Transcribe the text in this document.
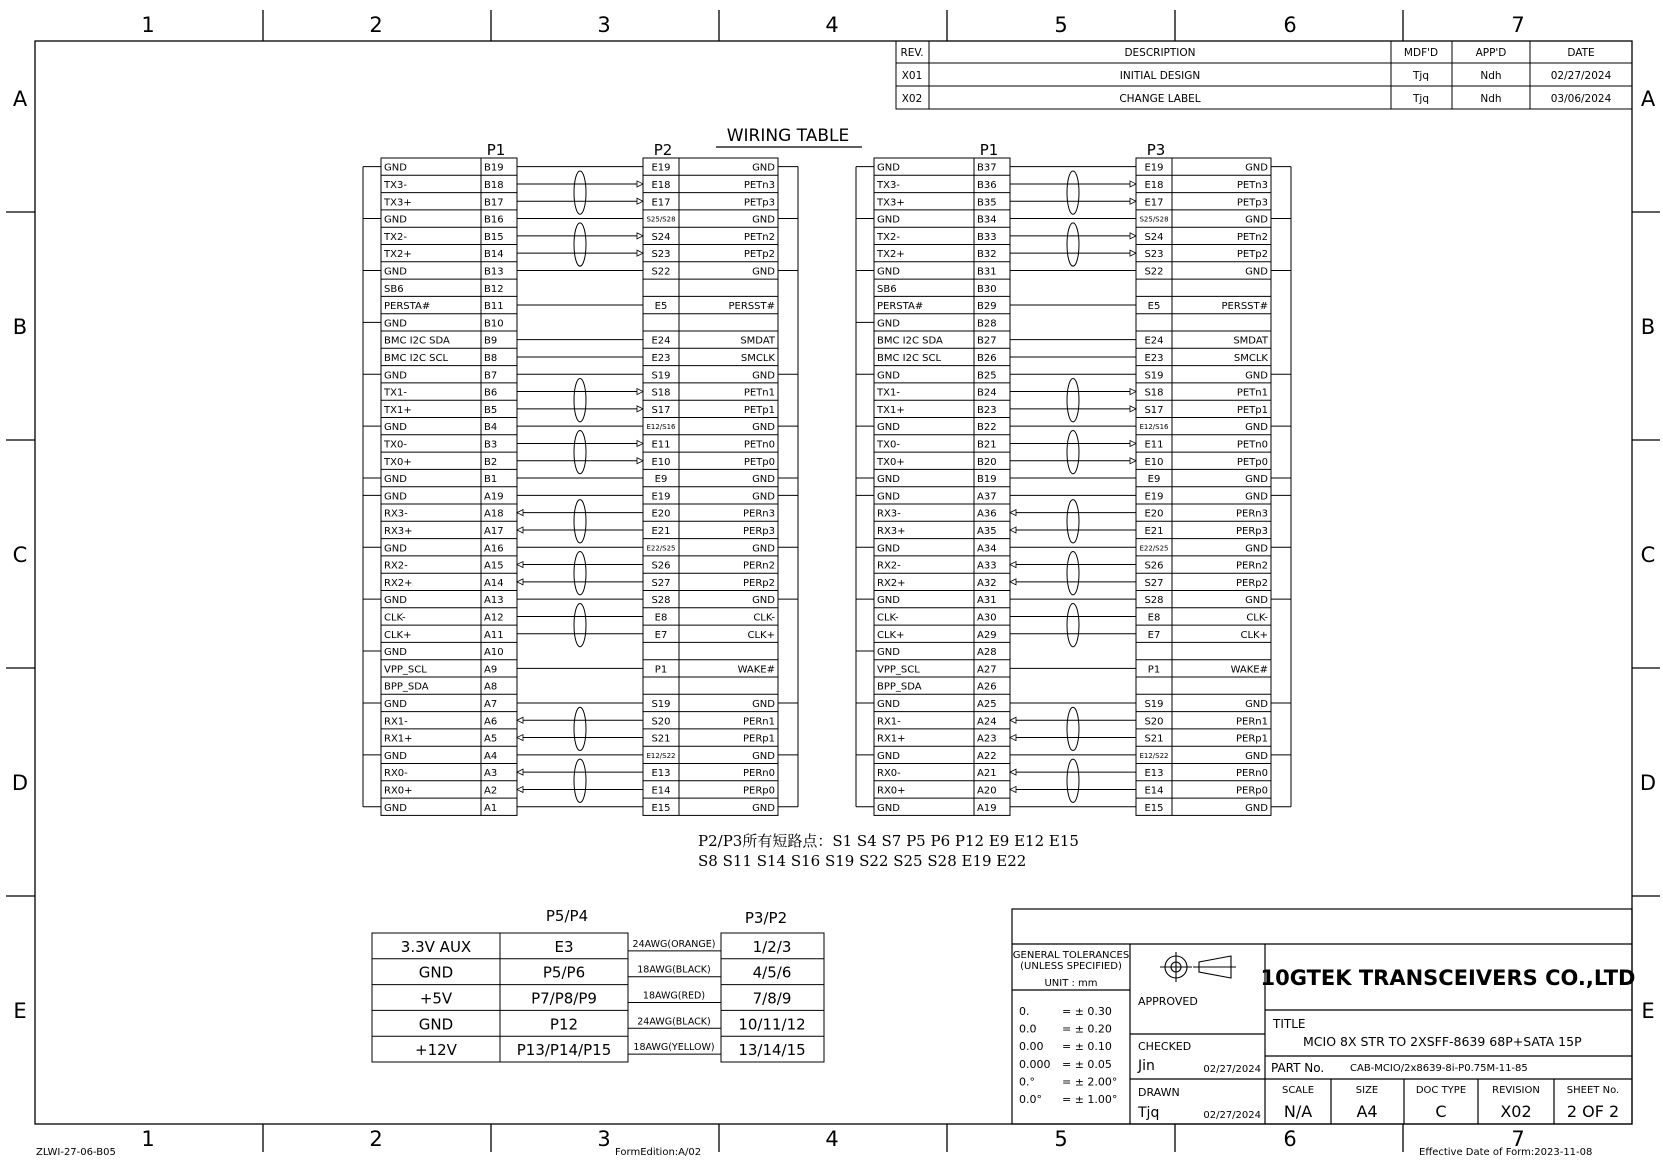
1	2	3	4	5	6	7
1	2	3	4	5	6	7
A	A
B	B
C	C
D	D
E	E
ZLWI-27-06-B05	FormEdition:A/02	Effective Date of Form:2023-11-08
REV.	DESCRIPTION	MDF'D	APP'D	DATE
X01	INITIAL DESIGN	Tjq	Ndh	02/27/2024
X02	CHANGE LABEL	Tjq	Ndh	03/06/2024
WIRING TABLE
P1	P2	P1	P3
GND	B19	E19	GND
TX3-	B18	E18	PETn3
TX3+	B17	E17	PETp3
GND	B16	S25/S28	GND
TX2-	B15	S24	PETn2
TX2+	B14	S23	PETp2
GND	B13	S22	GND
SB6	B12
PERSTA#	B11	E5	PERSST#
GND	B10
BMC I2C SDA	B9	E24	SMDAT
BMC I2C SCL	B8	E23	SMCLK
GND	B7	S19	GND
TX1-	B6	S18	PETn1
TX1+	B5	S17	PETp1
GND	B4	E12/S16	GND
TX0-	B3	E11	PETn0
TX0+	B2	E10	PETp0
GND	B1	E9	GND
GND	A19	E19	GND
RX3-	A18	E20	PERn3
RX3+	A17	E21	PERp3
GND	A16	E22/S25	GND
RX2-	A15	S26	PERn2
RX2+	A14	S27	PERp2
GND	A13	S28	GND
CLK-	A12	E8	CLK-
CLK+	A11	E7	CLK+
GND	A10
VPP_SCL	A9	P1	WAKE#
BPP_SDA	A8
GND	A7	S19	GND
RX1-	A6	S20	PERn1
RX1+	A5	S21	PERp1
GND	A4	E12/S22	GND
RX0-	A3	E13	PERn0
RX0+	A2	E14	PERp0
GND	A1	E15	GND
GND	B37	E19	GND
TX3-	B36	E18	PETn3
TX3+	B35	E17	PETp3
GND	B34	S25/S28	GND
TX2-	B33	S24	PETn2
TX2+	B32	S23	PETp2
GND	B31	S22	GND
SB6	B30
PERSTA#	B29	E5	PERSST#
GND	B28
BMC I2C SDA	B27	E24	SMDAT
BMC I2C SCL	B26	E23	SMCLK
GND	B25	S19	GND
TX1-	B24	S18	PETn1
TX1+	B23	S17	PETp1
GND	B22	E12/S16	GND
TX0-	B21	E11	PETn0
TX0+	B20	E10	PETp0
GND	B19	E9	GND
GND	A37	E19	GND
RX3-	A36	E20	PERn3
RX3+	A35	E21	PERp3
GND	A34	E22/S25	GND
RX2-	A33	S26	PERn2
RX2+	A32	S27	PERp2
GND	A31	S28	GND
CLK-	A30	E8	CLK-
CLK+	A29	E7	CLK+
GND	A28
VPP_SCL	A27	P1	WAKE#
BPP_SDA	A26
GND	A25	S19	GND
RX1-	A24	S20	PERn1
RX1+	A23	S21	PERp1
GND	A22	E12/S22	GND
RX0-	A21	E13	PERn0
RX0+	A20	E14	PERp0
GND	A19	E15	GND
P2/P3所有短路点：S1 S4 S7 P5 P6 P12 E9 E12 E15
S8 S11 S14 S16 S19 S22 S25 S28 E19 E22
P5/P4	P3/P2
3.3V AUX	E3	24AWG(ORANGE) 1/2/3
GND	P5/P6	18AWG(BLACK)	4/5/6
+5V	P7/P8/P9	18AWG(RED)	7/8/9
GND	P12	24AWG(BLACK) 10/11/12
+12V	P13/P14/P15 18AWG(YELLOW) 13/14/15
GENERAL TOLERANCES
(UNLESS SPECIFIED)
UNIT : mm
0.	= ± 0.30
0.0 = ± 0.20
0.00 = ± 0.10
0.000 = ± 0.05
0.° = ± 2.00°
0.0° = ± 1.00°
APPROVED
CHECKED
Jin	02/27/2024
DRAWN
Tjq	02/27/2024
10GTEK TRANSCEIVERS CO.,LTD
TITLE
MCIO 8X STR TO 2XSFF-8639 68P+SATA 15P
PART No.	CAB-MCIO/2x8639-8i-P0.75M-11-85
SCALE
N/A
SIZE
A4
DOC TYPE
C
REVISION
X02
SHEET No.
2 OF 2
